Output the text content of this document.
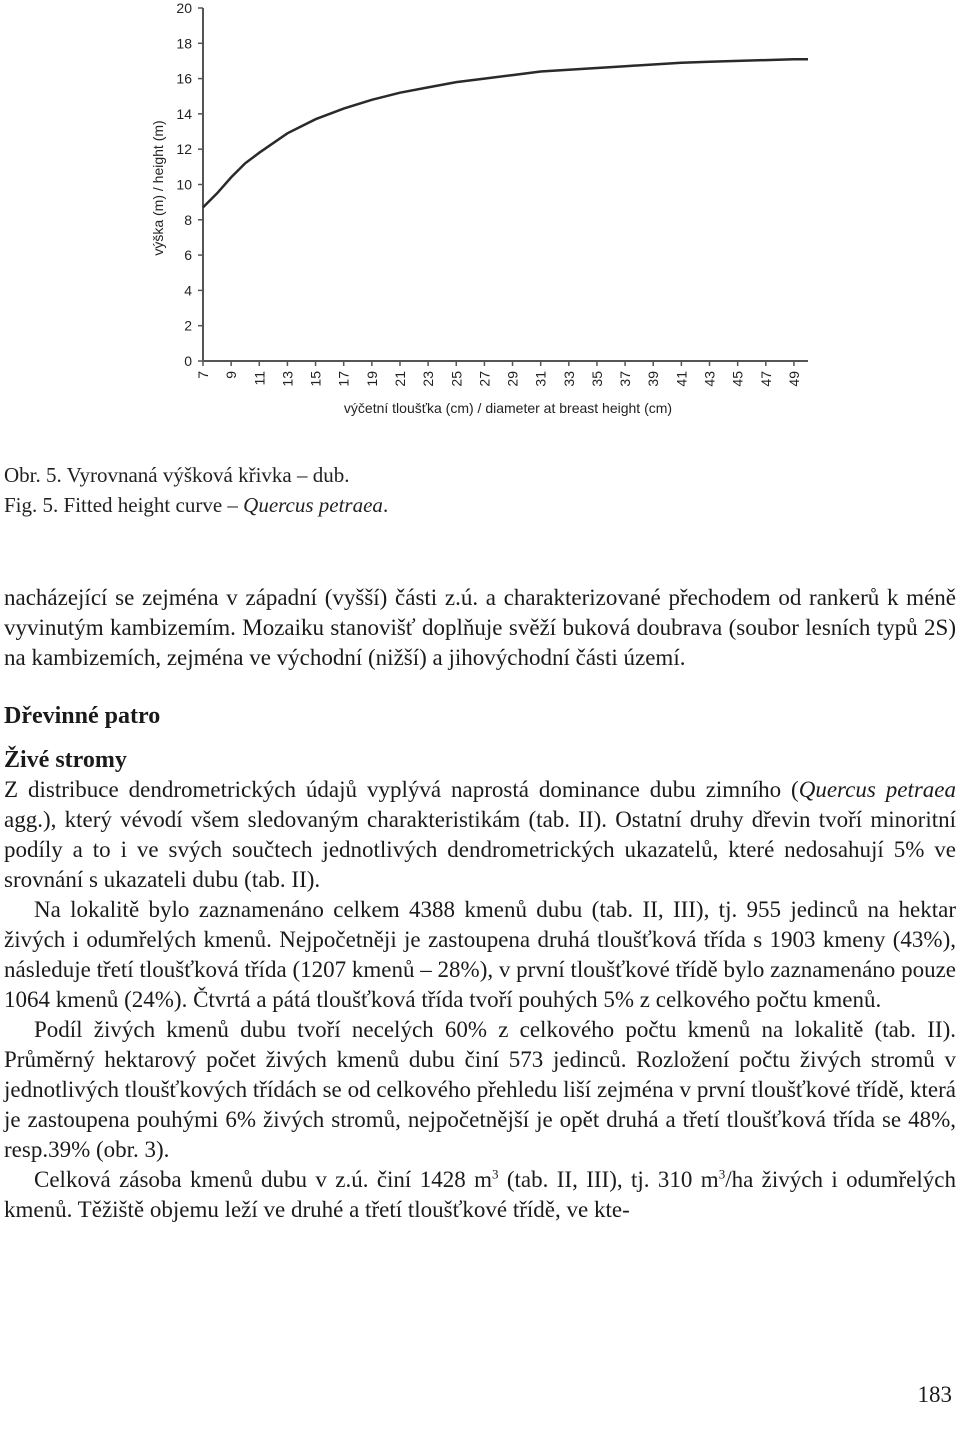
0
2
4
6
8
10
12
14
16
18
20
7 9 11 13 15 17 19 21 23 25 27 29 31 33 35 37 39 41 43 45 47 49
výška (m) / height (m)
výčetní tloušťka (cm) / diameter at breast height (cm)
Obr. 5. Vyrovnaná výšková křivka – dub.
Fig. 5. Fitted height curve – Quercus petraea.

nacházející se zejména v západní (vyšší) části z.ú. a charakterizované přechodem od rankerů k méně vyvinutým kambizemím. Mozaiku stanovišť doplňuje svěží buková doubrava (soubor lesních typů 2S) na kambizemích, zejména ve východní (nižší) a jihovýchodní části území.

Dřevinné patro

Živé stromy

Z distribuce dendrometrických údajů vyplývá naprostá dominance dubu zimního (Quercus petraea agg.), který vévodí všem sledovaným charakteristikám (tab. II). Ostatní druhy dřevin tvoří minoritní podíly a to i ve svých součtech jednotlivých dendrometrických ukazatelů, které nedosahují 5% ve srovnání s ukazateli dubu (tab. II).

Na lokalitě bylo zaznamenáno celkem 4388 kmenů dubu (tab. II, III), tj. 955 jedinců na hektar živých i odumřelých kmenů. Nejpočetněji je zastoupena druhá tloušťková třída s 1903 kmeny (43%), následuje třetí tloušťková třída (1207 kmenů – 28%), v první tloušťkové třídě bylo zaznamenáno pouze 1064 kmenů (24%). Čtvrtá a pátá tloušťková třída tvoří pouhých 5% z celkového počtu kmenů.

Podíl živých kmenů dubu tvoří necelých 60% z celkového počtu kmenů na lokalitě (tab. II). Průměrný hektarový počet živých kmenů dubu činí 573 jedinců. Rozložení počtu živých stromů v jednotlivých tloušťkových třídách se od celkového přehledu liší zejména v první tloušťkové třídě, která je zastoupena pouhými 6% živých stromů, nejpočetnější je opět druhá a třetí tloušťková třída se 48%, resp.39% (obr. 3).

Celková zásoba kmenů dubu v z.ú. činí 1428 $m^3$ (tab. II, III), tj. 310 $m^3/ha$ živých i odumřelých kmenů. Těžiště objemu leží ve druhé a třetí tloušťkové třídě, ve kte-

183
